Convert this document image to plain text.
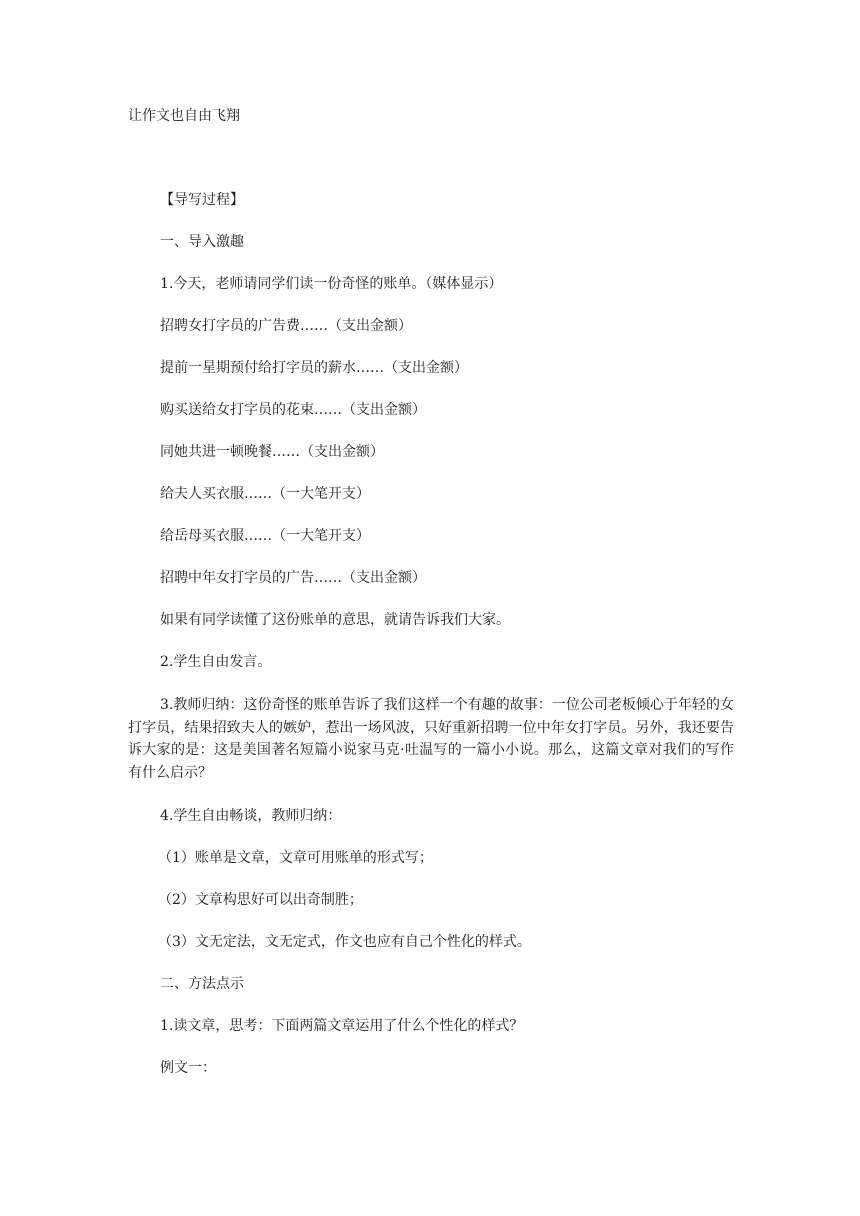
让作文也自由飞翔

【导写过程】

一、导入激趣

1.今天，老师请同学们读一份奇怪的账单。（媒体显示）

招聘女打字员的广告费……（支出金额）

提前一星期预付给打字员的薪水……（支出金额）

购买送给女打字员的花束……（支出金额）

同她共进一顿晚餐……（支出金额）

给夫人买衣服……（一大笔开支）

给岳母买衣服……（一大笔开支）

招聘中年女打字员的广告……（支出金额）

如果有同学读懂了这份账单的意思，就请告诉我们大家。

2.学生自由发言。

3.教师归纳：这份奇怪的账单告诉了我们这样一个有趣的故事：一位公司老板倾心于年轻的女打字员，结果招致夫人的嫉妒，惹出一场风波，只好重新招聘一位中年女打字员。另外，我还要告诉大家的是：这是美国著名短篇小说家马克·吐温写的一篇小小说。那么，这篇文章对我们的写作有什么启示？

4.学生自由畅谈，教师归纳：

（1）账单是文章，文章可用账单的形式写；

（2）文章构思好可以出奇制胜；

（3）文无定法，文无定式，作文也应有自己个性化的样式。

二、方法点示

1.读文章，思考：下面两篇文章运用了什么个性化的样式？

例文一：
